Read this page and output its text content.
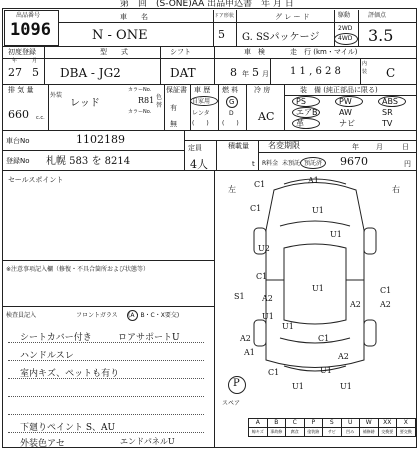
第　回　(S-ONE)AA 出品申込書　年 月 日
出品番号
1096
車　　名
N - ONE
ドア形状
5
グ レ ー ド
G. SSパッケージ
駆動
2WD
4WD
評価点
3.5
初度登録
年	月
27 5
型　　式
DBA - JG2
シフト
DAT
車　検
8 年 5 月
走　行 (km・マイル)
1 1 , 6 2 8
内装 C
排 気 量
660 c.c.
外装
レッド
カラーNo.
R81
カラーNo.
色替
保証書
有
無
車 歴
自家用
レンタ
(　　)
燃 料
G
D
(　　)
冷 房
AC
装　備 (純正部品に限る)
PS	PW	ABS
エアB	AW	SR
革	ナビ	TV
車台No	1102189
定員
4人
積載量
t
名変期限	年 月	日
登録No 札幌 583 を 8214	R料金 未預託 預託済 9670	円
セールスポイント
※注意事項記入欄（修復・不具合箇所および状態等）
検査員記入	フロントガラス (A・B・C・X要交)
シートカバー付き	ロアサポートU
ハンドルスレ
室内キズ、ペットも有り
下廻りペイント S、AU
外装色アセ	エンドパネルU
左	右
A1
C1
U1
C1
U1
U2
C1
S1 A2
C1
U1
A2
U1
A2
A2	C1
U1
A1	A2
U1
C1
U1	U1
P
スペア
A
線キズ
B
事故修
C
腐食
P
塗装跡
S
サビ
U
凹み
W
補修跡
XX
交換要
X
要交換
